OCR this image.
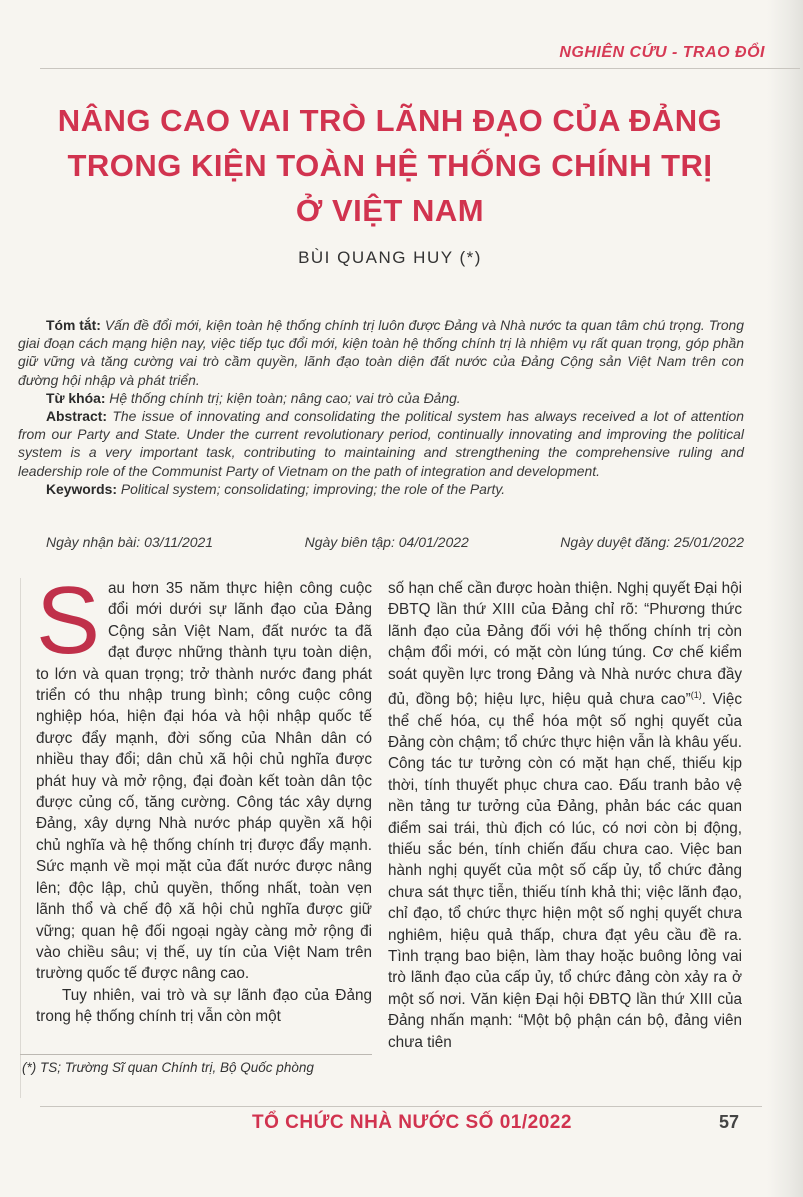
NGHIÊN CỨU - TRAO ĐỔI
NÂNG CAO VAI TRÒ LÃNH ĐẠO CỦA ĐẢNG
TRONG KIỆN TOÀN HỆ THỐNG CHÍNH TRỊ
Ở VIỆT NAM
BÙI QUANG HUY (*)

Tóm tắt: Vấn đề đổi mới, kiện toàn hệ thống chính trị luôn được Đảng và Nhà nước ta quan tâm chú trọng. Trong giai đoạn cách mạng hiện nay, việc tiếp tục đổi mới, kiện toàn hệ thống chính trị là nhiệm vụ rất quan trọng, góp phần giữ vững và tăng cường vai trò cầm quyền, lãnh đạo toàn diện đất nước của Đảng Cộng sản Việt Nam trên con đường hội nhập và phát triển.

Từ khóa: Hệ thống chính trị; kiện toàn; nâng cao; vai trò của Đảng.

Abstract: The issue of innovating and consolidating the political system has always received a lot of attention from our Party and State. Under the current revolutionary period, continually innovating and improving the political system is a very important task, contributing to maintaining and strengthening the comprehensive ruling and leadership role of the Communist Party of Vietnam on the path of integration and development.

Keywords: Political system; consolidating; improving; the role of the Party.

Ngày nhận bài: 03/11/2021	Ngày biên tập: 04/01/2022	Ngày duyệt đăng: 25/01/2022

Sau hơn 35 năm thực hiện công cuộc đổi mới dưới sự lãnh đạo của Đảng Cộng sản Việt Nam, đất nước ta đã đạt được những thành tựu toàn diện, to lớn và quan trọng; trở thành nước đang phát triển có thu nhập trung bình; công cuộc công nghiệp hóa, hiện đại hóa và hội nhập quốc tế được đẩy mạnh, đời sống của Nhân dân có nhiều thay đổi; dân chủ xã hội chủ nghĩa được phát huy và mở rộng, đại đoàn kết toàn dân tộc được củng cố, tăng cường. Công tác xây dựng Đảng, xây dựng Nhà nước pháp quyền xã hội chủ nghĩa và hệ thống chính trị được đẩy mạnh. Sức mạnh về mọi mặt của đất nước được nâng lên; độc lập, chủ quyền, thống nhất, toàn vẹn lãnh thổ và chế độ xã hội chủ nghĩa được giữ vững; quan hệ đối ngoại ngày càng mở rộng đi vào chiều sâu; vị thế, uy tín của Việt Nam trên trường quốc tế được nâng cao.

Tuy nhiên, vai trò và sự lãnh đạo của Đảng trong hệ thống chính trị vẫn còn một

số hạn chế cần được hoàn thiện. Nghị quyết Đại hội ĐBTQ lần thứ XIII của Đảng chỉ rõ: “Phương thức lãnh đạo của Đảng đối với hệ thống chính trị còn chậm đổi mới, có mặt còn lúng túng. Cơ chế kiểm soát quyền lực trong Đảng và Nhà nước chưa đầy đủ, đồng bộ; hiệu lực, hiệu quả chưa cao”$^{(1)}$. Việc thể chế hóa, cụ thể hóa một số nghị quyết của Đảng còn chậm; tổ chức thực hiện vẫn là khâu yếu. Công tác tư tưởng còn có mặt hạn chế, thiếu kịp thời, tính thuyết phục chưa cao. Đấu tranh bảo vệ nền tảng tư tưởng của Đảng, phản bác các quan điểm sai trái, thù địch có lúc, có nơi còn bị động, thiếu sắc bén, tính chiến đấu chưa cao. Việc ban hành nghị quyết của một số cấp ủy, tổ chức đảng chưa sát thực tiễn, thiếu tính khả thi; việc lãnh đạo, chỉ đạo, tổ chức thực hiện một số nghị quyết chưa nghiêm, hiệu quả thấp, chưa đạt yêu cầu đề ra. Tình trạng bao biện, làm thay hoặc buông lỏng vai trò lãnh đạo của cấp ủy, tổ chức đảng còn xảy ra ở một số nơi. Văn kiện Đại hội ĐBTQ lần thứ XIII của Đảng nhấn mạnh: “Một bộ phận cán bộ, đảng viên chưa tiên

(*) TS; Trường Sĩ quan Chính trị, Bộ Quốc phòng
TỔ CHỨC NHÀ NƯỚC SỐ 01/2022	57
